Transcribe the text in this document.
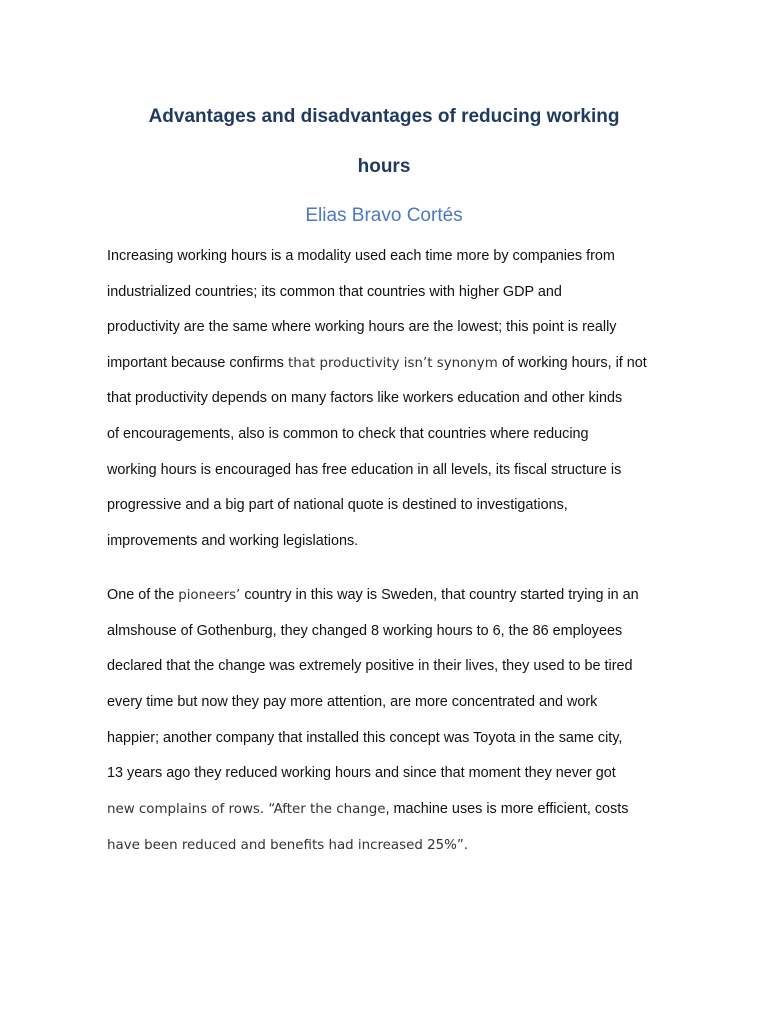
Advantages and disadvantages of reducing working
hours
Elias Bravo Cortés
Increasing working hours is a modality used each time more by companies from
industrialized countries; its common that countries with higher GDP and
productivity are the same where working hours are the lowest; this point is really
important because confirms that productivity isn’t synonym of working hours, if not
that productivity depends on many factors like workers education and other kinds
of encouragements, also is common to check that countries where reducing
working hours is encouraged has free education in all levels, its fiscal structure is
progressive and a big part of national quote is destined to investigations,
improvements and working legislations.
One of the pioneers’ country in this way is Sweden, that country started trying in an
almshouse of Gothenburg, they changed 8 working hours to 6, the 86 employees
declared that the change was extremely positive in their lives, they used to be tired
every time but now they pay more attention, are more concentrated and work
happier; another company that installed this concept was Toyota in the same city,
13 years ago they reduced working hours and since that moment they never got
new complains of rows. “After the change, machine uses is more efficient, costs
have been reduced and benefits had increased 25%”.
